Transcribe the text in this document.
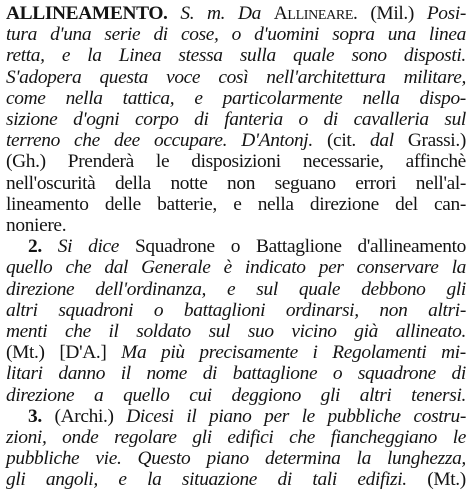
ALLINEAMENTO. S. m. Da Allineare. (Mil.) Posi-
tura d'una serie di cose, o d'uomini sopra una linea
retta, e la Linea stessa sulla quale sono disposti.
S'adopera questa voce così nell'architettura militare,
come nella tattica, e particolarmente nella dispo-
sizione d'ogni corpo di fanteria o di cavalleria sul
terreno che dee occupare. D'Antonj. (cit. dal Grassi.)
(Gh.) Prenderà le disposizioni necessarie, affinchè
nell'oscurità della notte non seguano errori nell'al-
lineamento delle batterie, e nella direzione del can-
noniere.
2. Si dice Squadrone o Battaglione d'allineamento
quello che dal Generale è indicato per conservare la
direzione dell'ordinanza, e sul quale debbono gli
altri squadroni o battaglioni ordinarsi, non altri-
menti che il soldato sul suo vicino già allineato.
(Mt.) [D'A.] Ma più precisamente i Regolamenti mi-
litari danno il nome di battaglione o squadrone di
direzione a quello cui deggiono gli altri tenersi.
3. (Archi.) Dicesi il piano per le pubbliche costru-
zioni, onde regolare gli edifici che fiancheggiano le
pubbliche vie. Questo piano determina la lunghezza,
gli angoli, e la situazione di tali edifizi. (Mt.)
